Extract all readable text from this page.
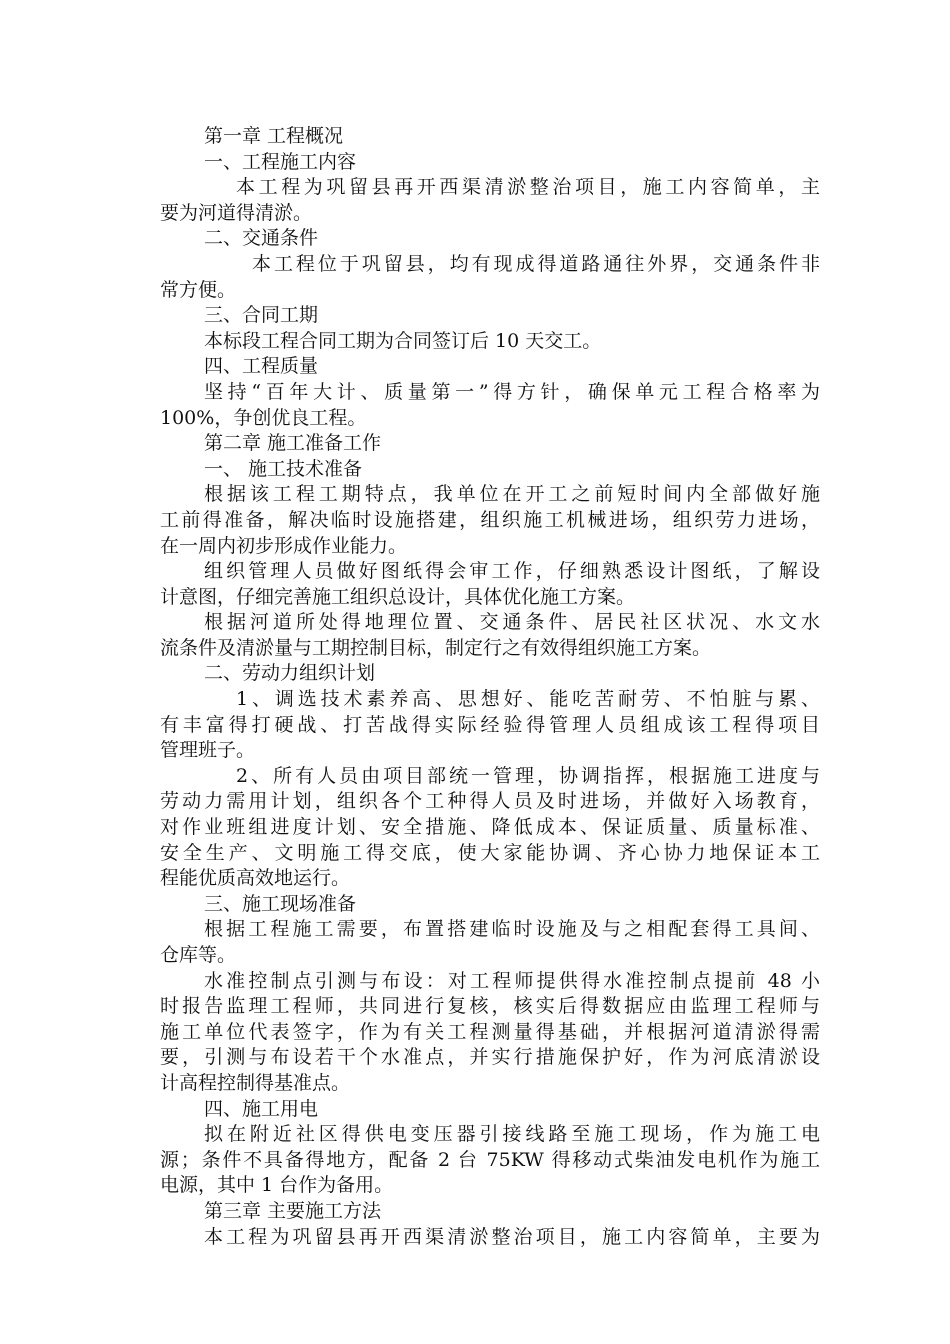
第一章 工程概况
一、工程施工内容
本工程为巩留县再开西渠清淤整治项目，施工内容简单，主
要为河道得清淤。
二、交通条件
本工程位于巩留县，均有现成得道路通往外界，交通条件非
常方便。
三、合同工期
本标段工程合同工期为合同签订后 10 天交工。
四、工程质量
坚持“百年大计、质量第一”得方针，确保单元工程合格率为
100%，争创优良工程。
第二章 施工准备工作
一、 施工技术准备
根据该工程工期特点，我单位在开工之前短时间内全部做好施
工前得准备，解决临时设施搭建，组织施工机械进场，组织劳力进场，
在一周内初步形成作业能力。
组织管理人员做好图纸得会审工作，仔细熟悉设计图纸，了解设
计意图，仔细完善施工组织总设计，具体优化施工方案。
根据河道所处得地理位置、交通条件、居民社区状况、水文水
流条件及清淤量与工期控制目标，制定行之有效得组织施工方案。
二、劳动力组织计划
1、调选技术素养高、思想好、能吃苦耐劳、不怕脏与累、
有丰富得打硬战、打苦战得实际经验得管理人员组成该工程得项目
管理班子。
2、所有人员由项目部统一管理，协调指挥，根据施工进度与
劳动力需用计划，组织各个工种得人员及时进场，并做好入场教育，
对作业班组进度计划、安全措施、降低成本、保证质量、质量标准、
安全生产、文明施工得交底，使大家能协调、齐心协力地保证本工
程能优质高效地运行。
三、施工现场准备
根据工程施工需要，布置搭建临时设施及与之相配套得工具间、
仓库等。
水准控制点引测与布设：对工程师提供得水准控制点提前 48 小
时报告监理工程师，共同进行复核，核实后得数据应由监理工程师与
施工单位代表签字，作为有关工程测量得基础，并根据河道清淤得需
要，引测与布设若干个水准点，并实行措施保护好，作为河底清淤设
计高程控制得基准点。
四、施工用电
拟在附近社区得供电变压器引接线路至施工现场，作为施工电
源；条件不具备得地方，配备 2 台 75KW 得移动式柴油发电机作为施工
电源，其中 1 台作为备用。
第三章 主要施工方法
本工程为巩留县再开西渠清淤整治项目，施工内容简单，主要为
